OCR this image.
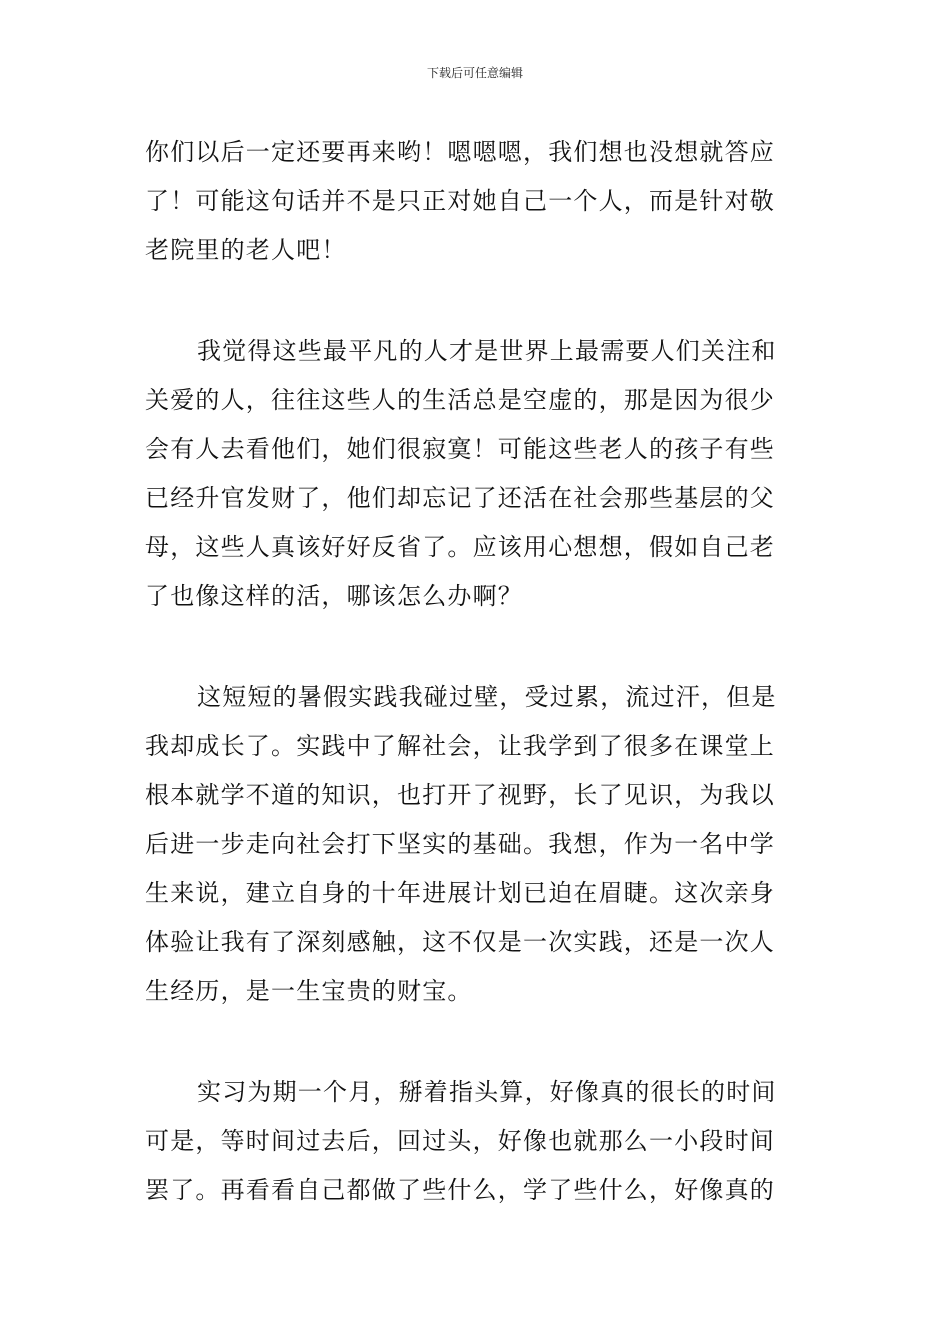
下载后可任意编辑

你们以后一定还要再来哟！嗯嗯嗯，我们想也没想就答应
了！可能这句话并不是只正对她自己一个人，而是针对敬
老院里的老人吧！

我觉得这些最平凡的人才是世界上最需要人们关注和
关爱的人，往往这些人的生活总是空虚的，那是因为很少
会有人去看他们，她们很寂寞！可能这些老人的孩子有些
已经升官发财了，他们却忘记了还活在社会那些基层的父
母，这些人真该好好反省了。应该用心想想，假如自己老
了也像这样的活，哪该怎么办啊？

这短短的暑假实践我碰过壁，受过累，流过汗，但是
我却成长了。实践中了解社会，让我学到了很多在课堂上
根本就学不道的知识，也打开了视野，长了见识，为我以
后进一步走向社会打下坚实的基础。我想，作为一名中学
生来说，建立自身的十年进展计划已迫在眉睫。这次亲身
体验让我有了深刻感触，这不仅是一次实践，还是一次人
生经历，是一生宝贵的财宝。

实习为期一个月，掰着指头算，好像真的很长的时间
可是，等时间过去后，回过头，好像也就那么一小段时间
罢了。再看看自己都做了些什么，学了些什么，好像真的
